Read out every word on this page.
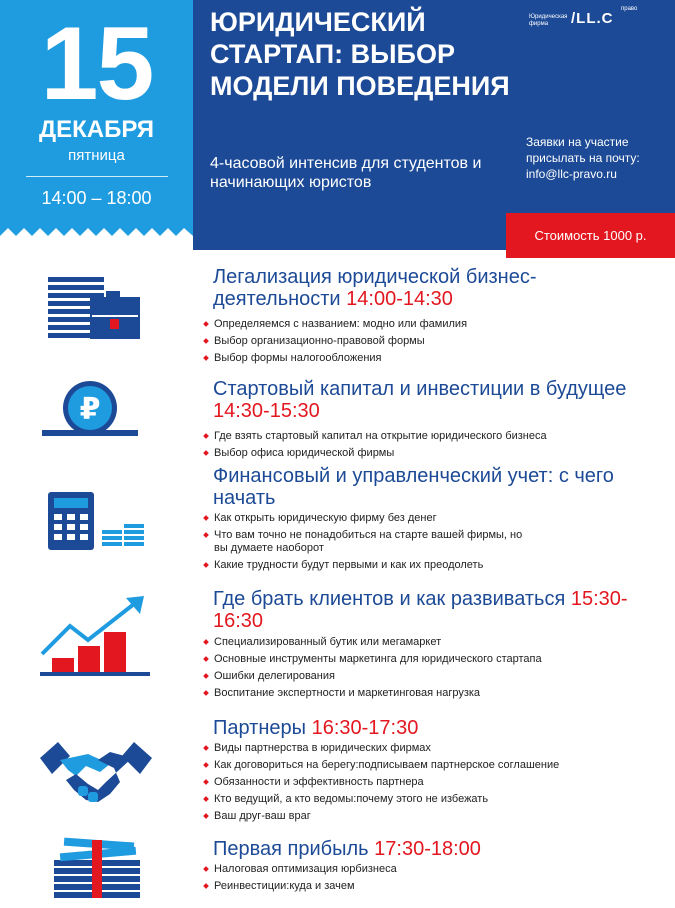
15
ДЕКАБРЯ
пятница
14:00 – 18:00
ЮРИДИЧЕСКИЙ СТАРТАП: ВЫБОР МОДЕЛИ ПОВЕДЕНИЯ
4-часовой интенсив для студентов и начинающих юристов
Юридическая фирма	/LL.C
право
Заявки на участие присылать на почту: info@llc-pravo.ru
Стоимость 1000 р.
Легализация юридической бизнес-деятельности 14:00-14:30
Определяемся с названием: модно или фамилия
Выбор организационно-правовой формы
Выбор формы налогообложения
₽
Стартовый капитал и инвестиции в будущее 14:30-15:30
Где взять стартовый капитал на открытие юридического бизнеса
Выбор офиса юридической фирмы
Финансовый и управленческий учет: с чего начать
Как открыть юридическую фирму без денег
Что вам точно не понадобиться на старте вашей фирмы, но вы думаете наоборот
Какие трудности будут первыми и как их преодолеть
Где брать клиентов и как развиваться 15:30-16:30
Специализированный бутик или мегамаркет
Основные инструменты маркетинга для юридического стартапа
Ошибки делегирования
Воспитание экспертности и маркетинговая нагрузка
Партнеры 16:30-17:30
Виды партнерства в юридических фирмах
Как договориться на берегу:подписываем партнерское соглашение
Обязанности и эффективность партнера
Кто ведущий, а кто ведомы:почему этого не избежать
Ваш друг-ваш враг
Первая прибыль 17:30-18:00
Налоговая оптимизация юрбизнеса
Реинвестиции:куда и зачем
